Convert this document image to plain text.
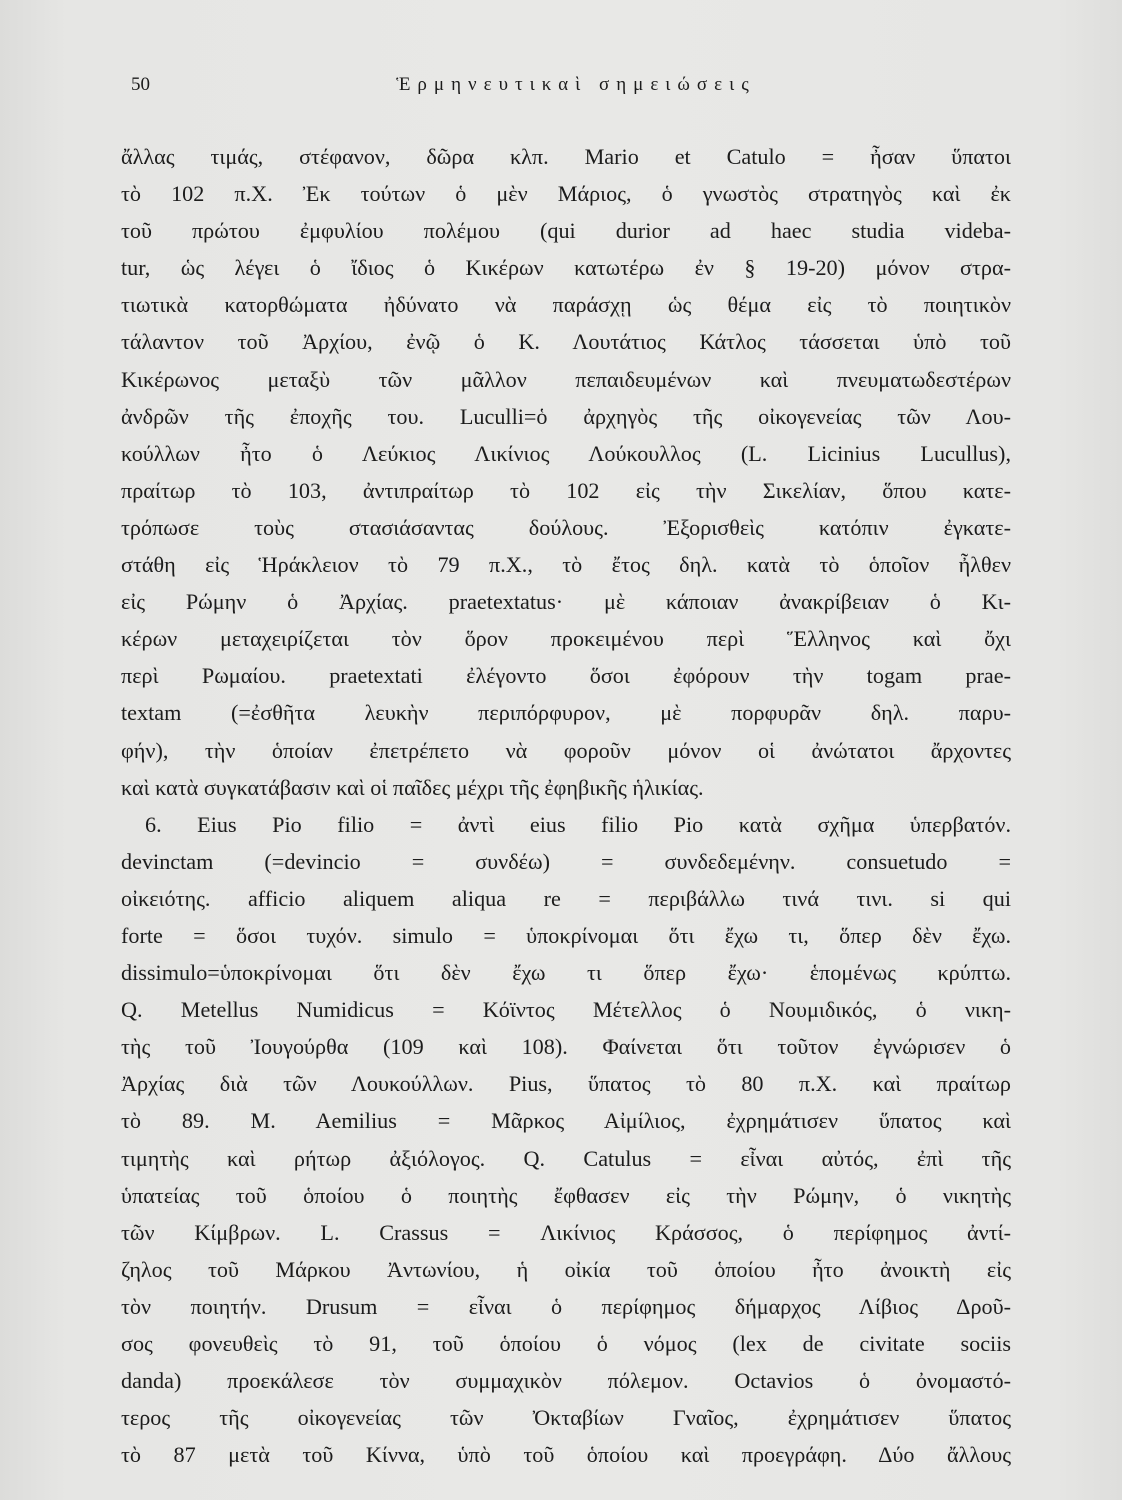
50	Ἑρμηνευτικαὶ σημειώσεις
ἄλλας τιμάς, στέφανον, δῶρα κλπ. Mario et Catulo = ἦσαν ὕπατοι
τὸ 102 π.Χ. Ἐκ τούτων ὁ μὲν Μάριος, ὁ γνωστὸς στρατηγὸς καὶ ἐκ
τοῦ πρώτου ἐμφυλίου πολέμου (qui durior ad haec studia videba-
tur, ὡς λέγει ὁ ἴδιος ὁ Κικέρων κατωτέρω ἐν § 19-20) μόνον στρα-
τιωτικὰ κατορθώματα ἠδύνατο νὰ παράσχῃ ὡς θέμα εἰς τὸ ποιητικὸν
τάλαντον τοῦ Ἀρχίου, ἐνῷ ὁ Κ. Λουτάτιος Κάτλος τάσσεται ὑπὸ τοῦ
Κικέρωνος μεταξὺ τῶν μᾶλλον πεπαιδευμένων καὶ πνευματωδεστέρων
ἀνδρῶν τῆς ἐποχῆς του. Luculli=ὁ ἀρχηγὸς τῆς οἰκογενείας τῶν Λου-
κούλλων ἦτο ὁ Λεύκιος Λικίνιος Λούκουλλος (L. Licinius Lucullus),
πραίτωρ τὸ 103, ἀντιπραίτωρ τὸ 102 εἰς τὴν Σικελίαν, ὅπου κατε-
τρόπωσε τοὺς στασιάσαντας δούλους. Ἐξορισθεὶς κατόπιν ἐγκατε-
στάθη εἰς Ἡράκλειον τὸ 79 π.Χ., τὸ ἔτος δηλ. κατὰ τὸ ὁποῖον ἦλθεν
εἰς Ρώμην ὁ Ἀρχίας. praetextatus· μὲ κάποιαν ἀνακρίβειαν ὁ Κι-
κέρων μεταχειρίζεται τὸν ὅρον προκειμένου περὶ Ἕλληνος καὶ ὄχι
περὶ Ρωμαίου. praetextati ἐλέγοντο ὅσοι ἐφόρουν τὴν togam prae-
textam (=ἐσθῆτα λευκὴν περιπόρφυρον, μὲ πορφυρᾶν δηλ. παρυ-
φήν), τὴν ὁποίαν ἐπετρέπετο νὰ φοροῦν μόνον οἱ ἀνώτατοι ἄρχοντες
καὶ κατὰ συγκατάβασιν καὶ οἱ παῖδες μέχρι τῆς ἐφηβικῆς ἡλικίας.
6. Eius Pio filio = ἀντὶ eius filio Pio κατὰ σχῆμα ὑπερβατόν.
devinctam (=devincio = συνδέω) = συνδεδεμένην. consuetudo =
οἰκειότης. afficio aliquem aliqua re = περιβάλλω τινά τινι. si qui
forte = ὅσοι τυχόν. simulo = ὑποκρίνομαι ὅτι ἔχω τι, ὅπερ δὲν ἔχω.
dissimulo=ὑποκρίνομαι ὅτι δὲν ἔχω τι ὅπερ ἔχω· ἑπομένως κρύπτω.
Q. Metellus Numidicus = Κόϊντος Μέτελλος ὁ Νουμιδικός, ὁ νικη-
τὴς τοῦ Ἰουγούρθα (109 καὶ 108). Φαίνεται ὅτι τοῦτον ἐγνώρισεν ὁ
Ἀρχίας διὰ τῶν Λουκούλλων. Pius, ὕπατος τὸ 80 π.Χ. καὶ πραίτωρ
τὸ 89. M. Aemilius = Μᾶρκος Αἰμίλιος, ἐχρημάτισεν ὕπατος καὶ
τιμητὴς καὶ ρήτωρ ἀξιόλογος. Q. Catulus = εἶναι αὐτός, ἐπὶ τῆς
ὑπατείας τοῦ ὁποίου ὁ ποιητὴς ἔφθασεν εἰς τὴν Ρώμην, ὁ νικητὴς
τῶν Κίμβρων. L. Crassus = Λικίνιος Κράσσος, ὁ περίφημος ἀντί-
ζηλος τοῦ Μάρκου Ἀντωνίου, ἡ οἰκία τοῦ ὁποίου ἦτο ἀνοικτὴ εἰς
τὸν ποιητήν. Drusum = εἶναι ὁ περίφημος δήμαρχος Λίβιος Δροῦ-
σος φονευθεὶς τὸ 91, τοῦ ὁποίου ὁ νόμος (lex de civitate sociis
danda) προεκάλεσε τὸν συμμαχικὸν πόλεμον. Octavios ὁ ὀνομαστό-
τερος τῆς οἰκογενείας τῶν Ὀκταβίων Γναῖος, ἐχρημάτισεν ὕπατος
τὸ 87 μετὰ τοῦ Κίννα, ὑπὸ τοῦ ὁποίου καὶ προεγράφη. Δύο ἄλλους
